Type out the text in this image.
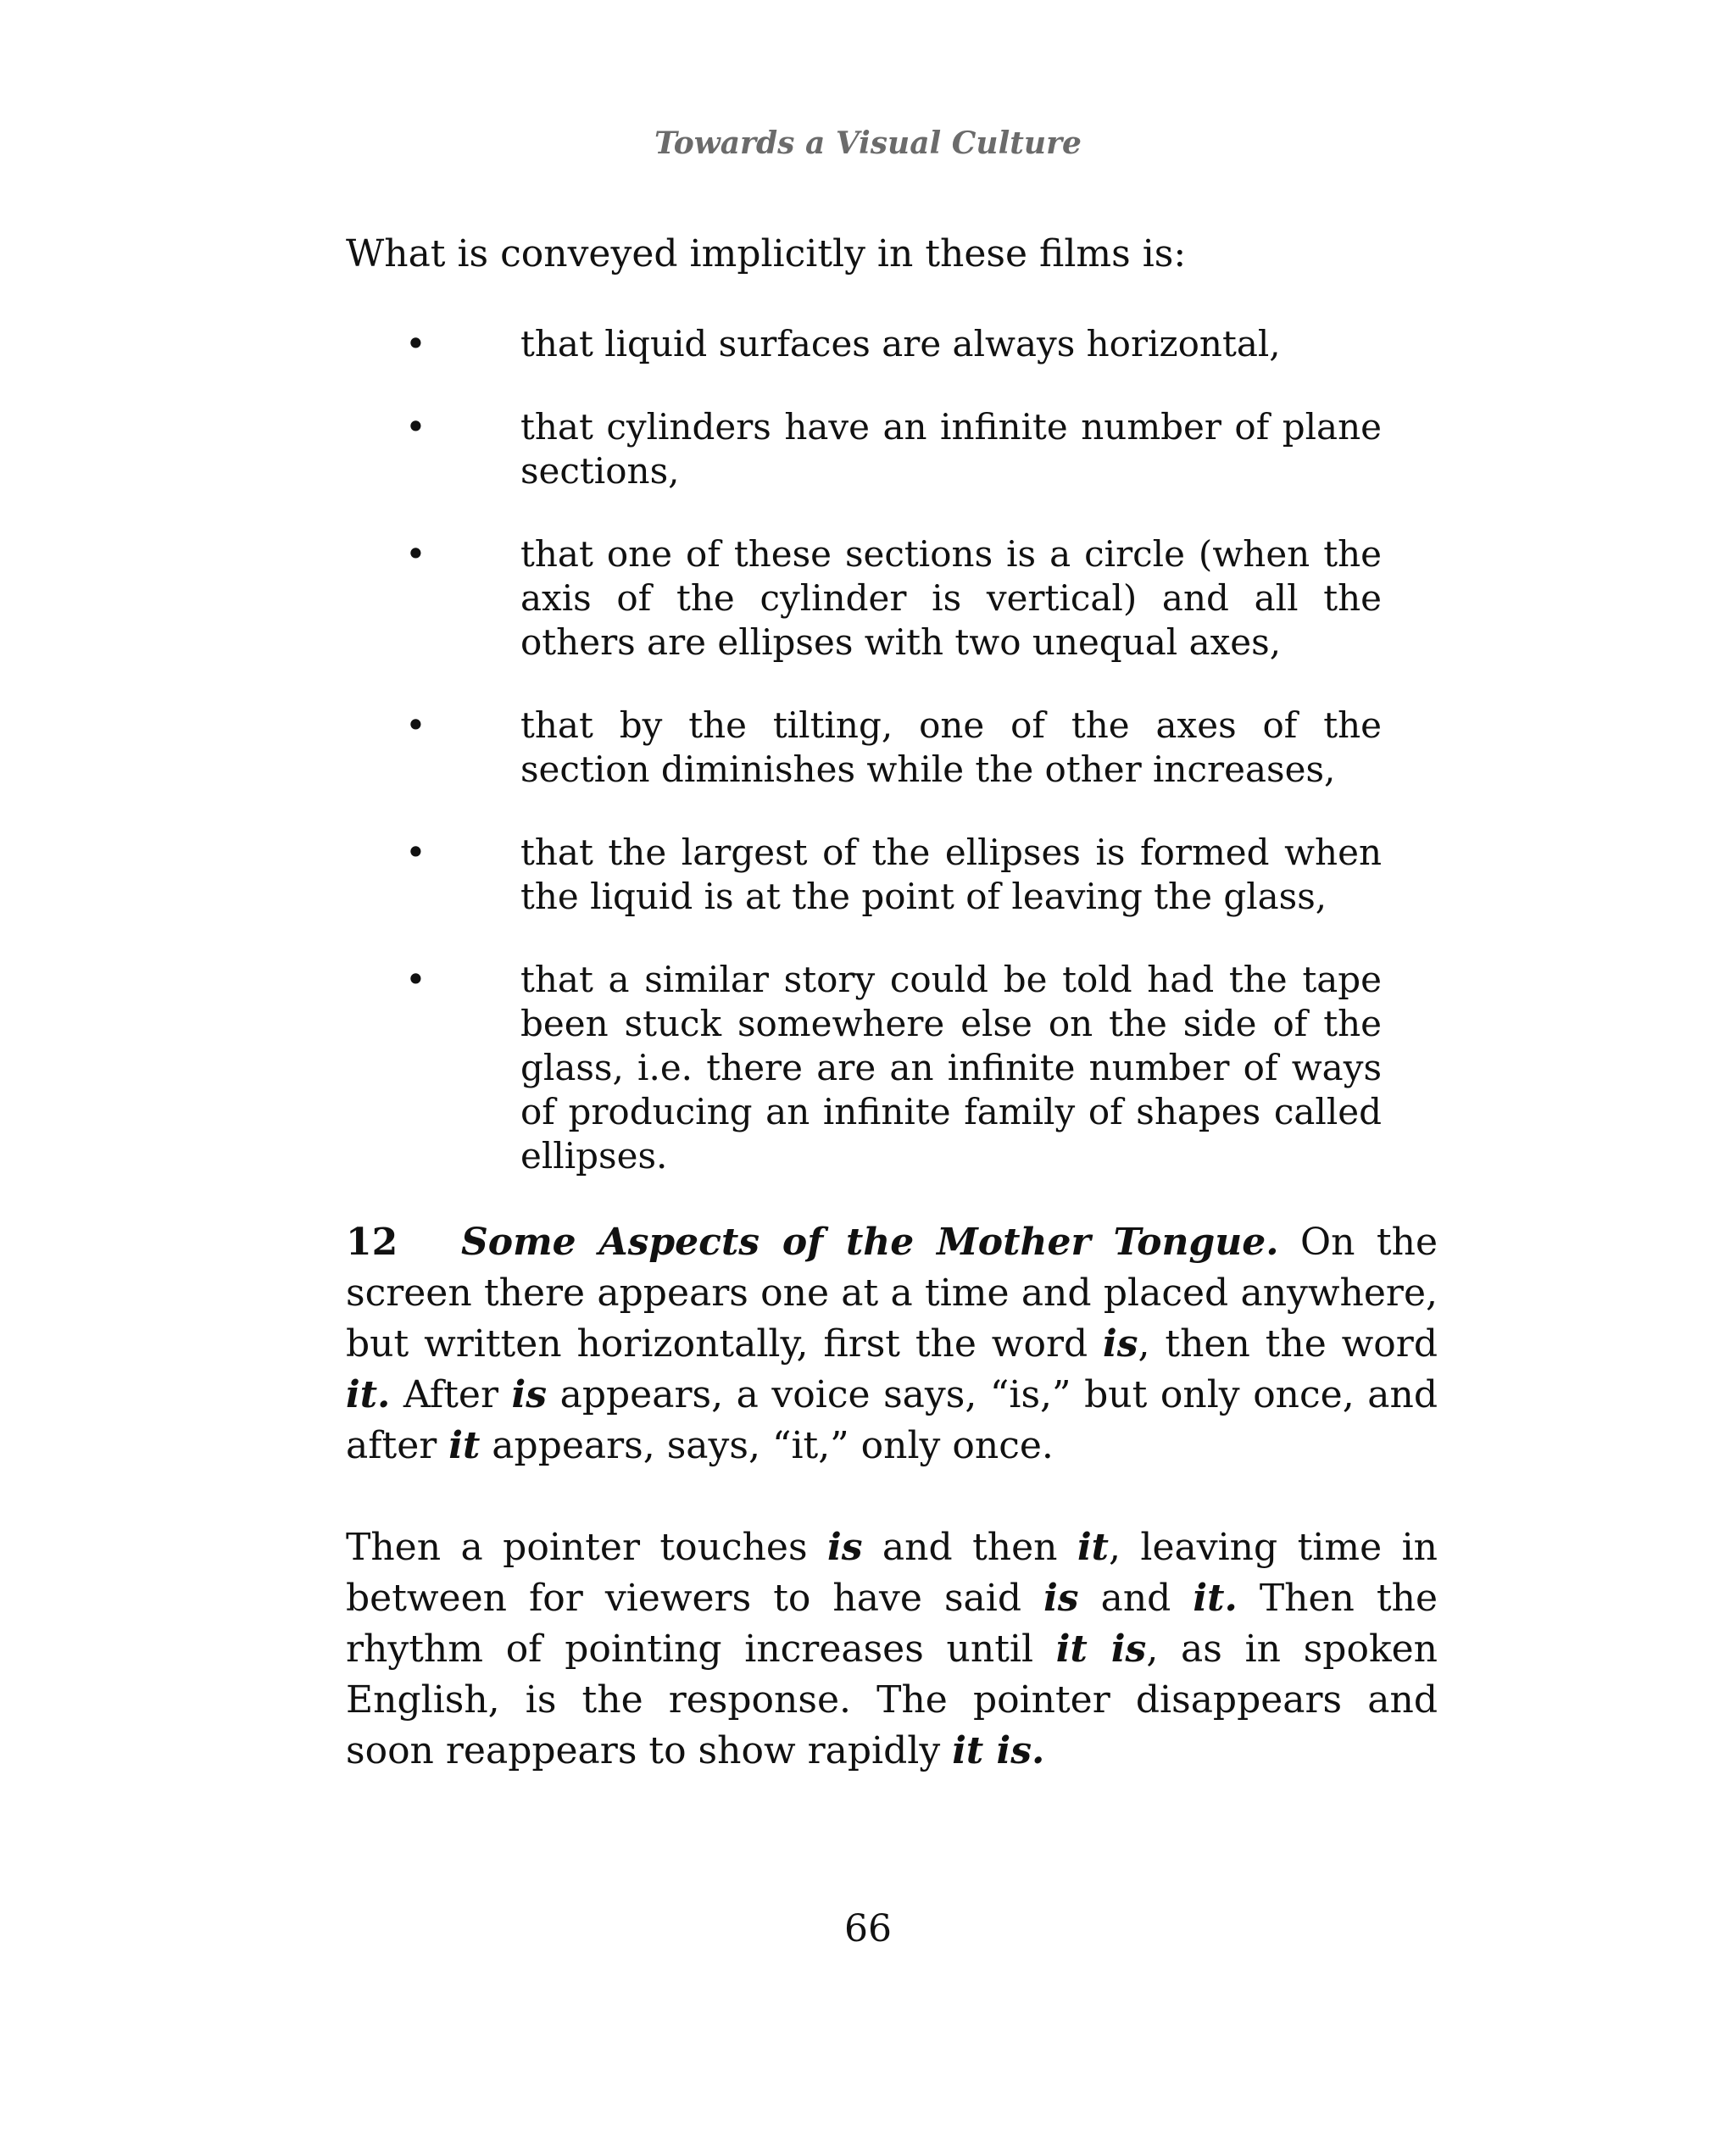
Towards a Visual Culture

What is conveyed implicitly in these films is:

•	that liquid surfaces are always horizontal,
•	that cylinders have an infinite number of plane sections,
•	that one of these sections is a circle (when the axis of the cylinder is vertical) and all the others are ellipses with two unequal axes,
•	that by the tilting, one of the axes of the section diminishes while the other increases,
•	that the largest of the ellipses is formed when the liquid is at the point of leaving the glass,
•	that a similar story could be told had the tape been stuck somewhere else on the side of the glass, i.e. there are an infinite number of ways of producing an infinite family of shapes called ellipses.

12 Some Aspects of the Mother Tongue. On the screen there appears one at a time and placed anywhere, but written horizontally, first the word is, then the word it. After is appears, a voice says, “is,” but only once, and after it appears, says, “it,” only once.

Then a pointer touches is and then it, leaving time in between for viewers to have said is and it. Then the rhythm of pointing increases until it is, as in spoken English, is the response. The pointer disappears and soon reappears to show rapidly it is.

66
